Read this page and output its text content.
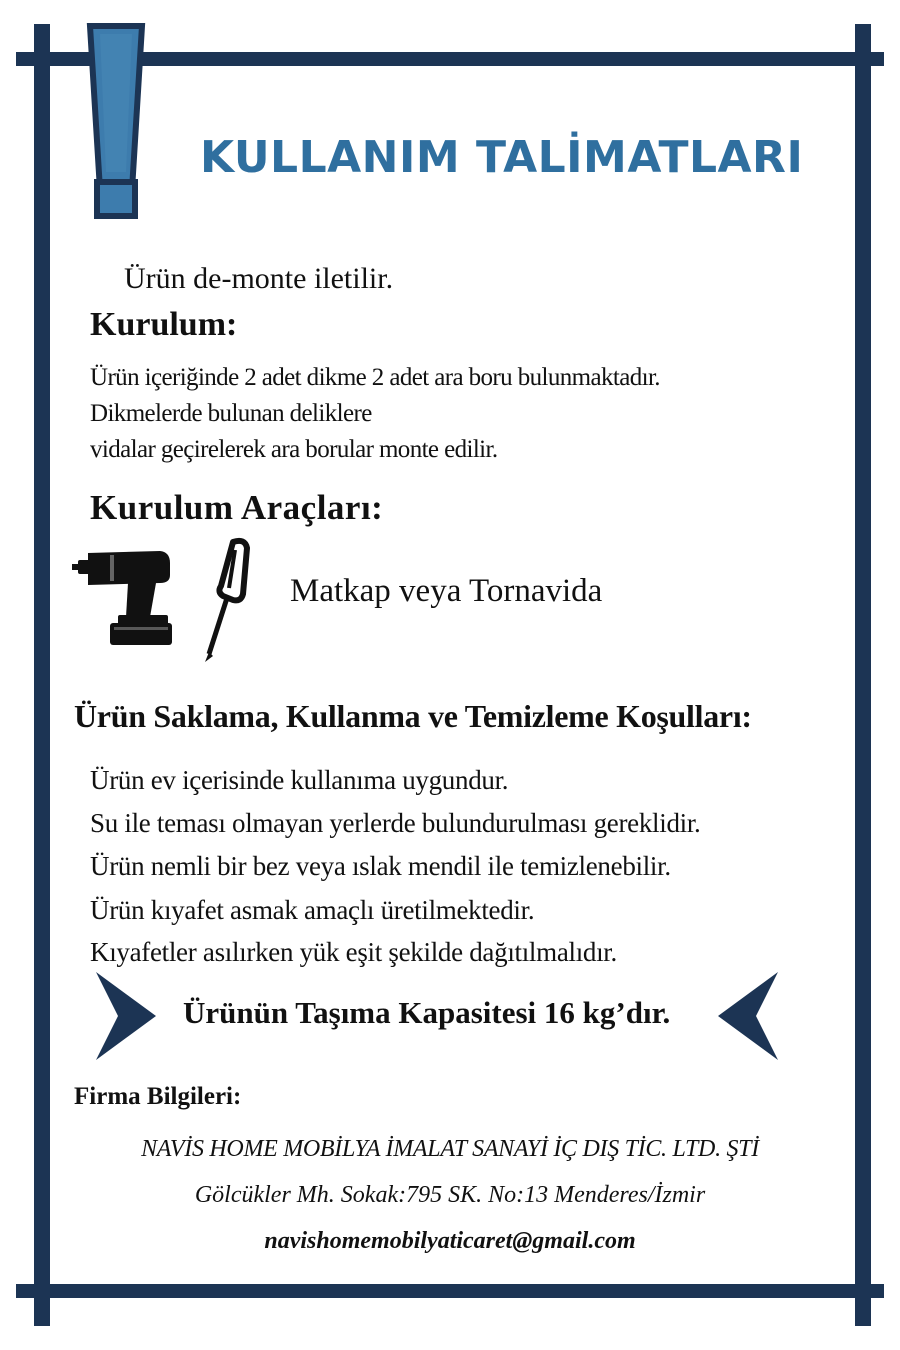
KULLANIM TALİMATLARI
Ürün de-monte iletilir.
Kurulum:
Ürün içeriğinde 2 adet dikme 2 adet ara boru bulunmaktadır.
Dikmelerde bulunan deliklere
vidalar geçirelerek ara borular monte edilir.
Kurulum Araçları:
Matkap veya Tornavida
Ürün Saklama, Kullanma ve Temizleme Koşulları:
Ürün ev içerisinde kullanıma uygundur.
Su ile teması olmayan yerlerde bulundurulması gereklidir.
Ürün nemli bir bez veya ıslak mendil ile temizlenebilir.
Ürün kıyafet asmak amaçlı üretilmektedir.
Kıyafetler asılırken yük eşit şekilde dağıtılmalıdır.
Ürünün Taşıma Kapasitesi 16 kg’dır.
Firma Bilgileri:
NAVİS HOME MOBİLYA İMALAT SANAYİ İÇ DIŞ TİC. LTD. ŞTİ
Gölcükler Mh. Sokak:795 SK. No:13 Menderes/İzmir
navishomemobilyaticaret@gmail.com
